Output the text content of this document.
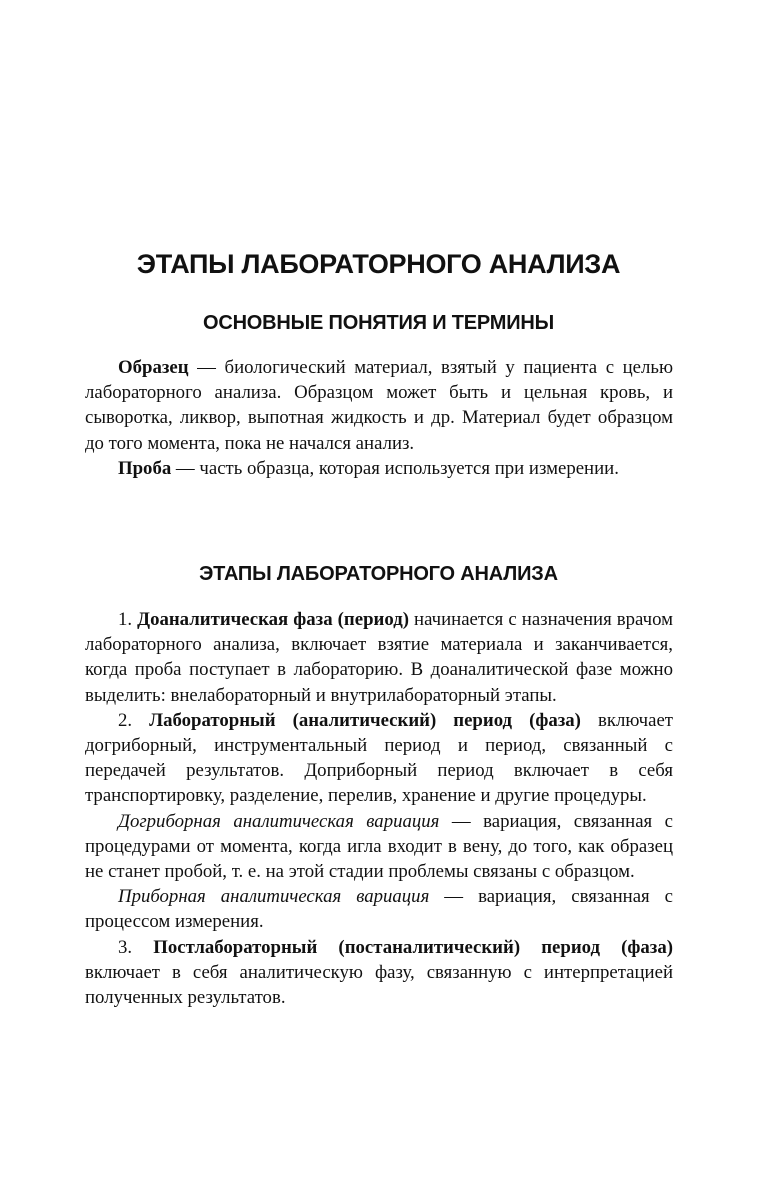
ЭТАПЫ ЛАБОРАТОРНОГО АНАЛИЗА
ОСНОВНЫЕ ПОНЯТИЯ И ТЕРМИНЫ

Образец — биологический материал, взятый у пациента с целью лабораторного анализа. Образцом может быть и цельная кровь, и сыворотка, ликвор, выпотная жидкость и др. Материал будет образцом до того момента, пока не начался анализ.

Проба — часть образца, которая используется при измерении.

ЭТАПЫ ЛАБОРАТОРНОГО АНАЛИЗА

1. Доаналитическая фаза (период) начинается с назначения врачом лабораторного анализа, включает взятие материала и заканчивается, когда проба поступает в лабораторию. В доаналитической фазе можно выделить: внелабораторный и внутрилабораторный этапы.

2. Лабораторный (аналитический) период (фаза) включает догриборный, инструментальный период и период, связанный с передачей результатов. Доприборный период включает в себя транспортировку, разделение, перелив, хранение и другие процедуры.

Догриборная аналитическая вариация — вариация, связанная с процедурами от момента, когда игла входит в вену, до того, как образец не станет пробой, т. е. на этой стадии проблемы связаны с образцом.

Приборная аналитическая вариация — вариация, связанная с процессом измерения.

3. Постлабораторный (постаналитический) период (фаза) включает в себя аналитическую фазу, связанную с интерпретацией полученных результатов.
